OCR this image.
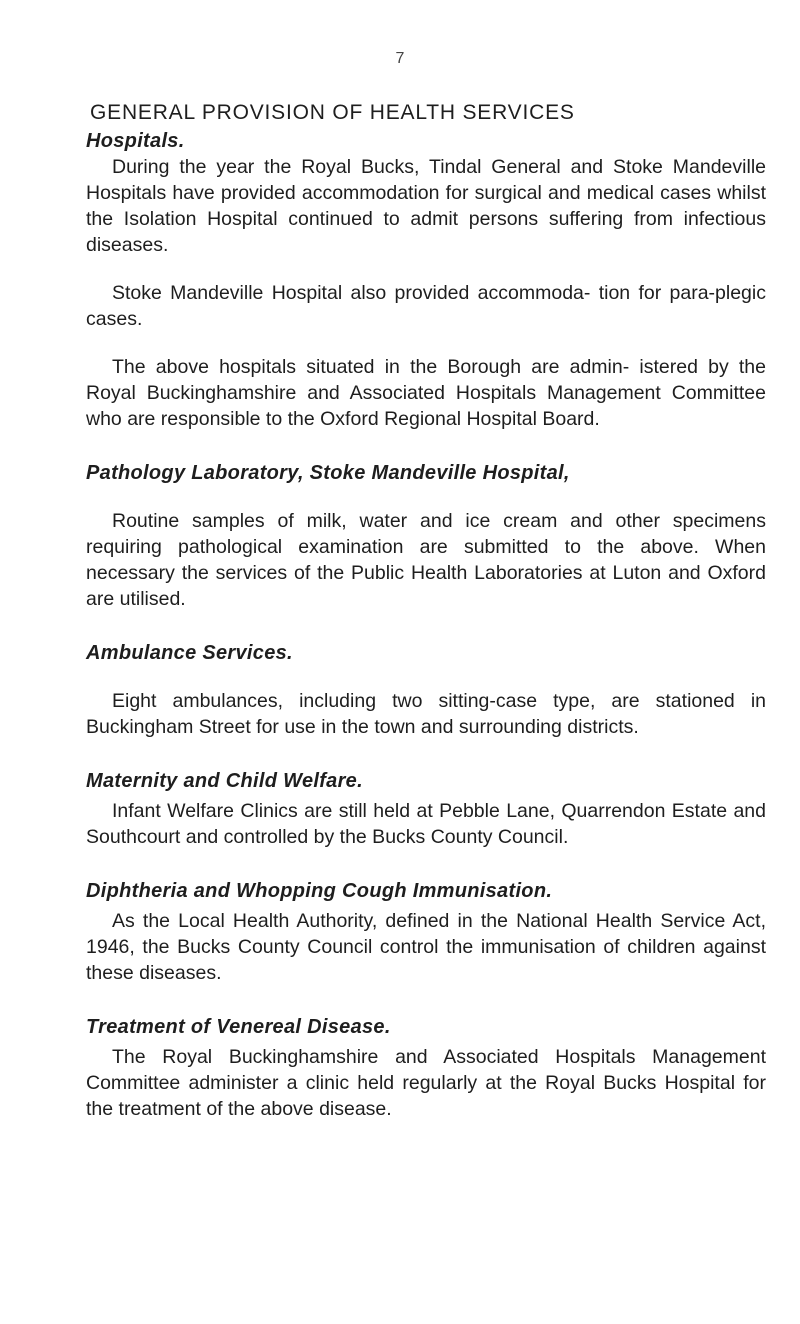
7
GENERAL PROVISION OF HEALTH SERVICES
Hospitals.

During the year the Royal Bucks, Tindal General and Stoke Mandeville Hospitals have provided accommodation for surgical and medical cases whilst the Isolation Hospital continued to admit persons suffering from infectious diseases.

Stoke Mandeville Hospital also provided accommoda- tion for para-plegic cases.

The above hospitals situated in the Borough are admin- istered by the Royal Buckinghamshire and Associated Hospitals Management Committee who are responsible to the Oxford Regional Hospital Board.

Pathology Laboratory, Stoke Mandeville Hospital,

Routine samples of milk, water and ice cream and other specimens requiring pathological examination are submitted to the above. When necessary the services of the Public Health Laboratories at Luton and Oxford are utilised.

Ambulance Services.

Eight ambulances, including two sitting-case type, are stationed in Buckingham Street for use in the town and surrounding districts.

Maternity and Child Welfare.

Infant Welfare Clinics are still held at Pebble Lane, Quarrendon Estate and Southcourt and controlled by the Bucks County Council.

Diphtheria and Whopping Cough Immunisation.

As the Local Health Authority, defined in the National Health Service Act, 1946, the Bucks County Council control the immunisation of children against these diseases.

Treatment of Venereal Disease.

The Royal Buckinghamshire and Associated Hospitals Management Committee administer a clinic held regularly at the Royal Bucks Hospital for the treatment of the above disease.
